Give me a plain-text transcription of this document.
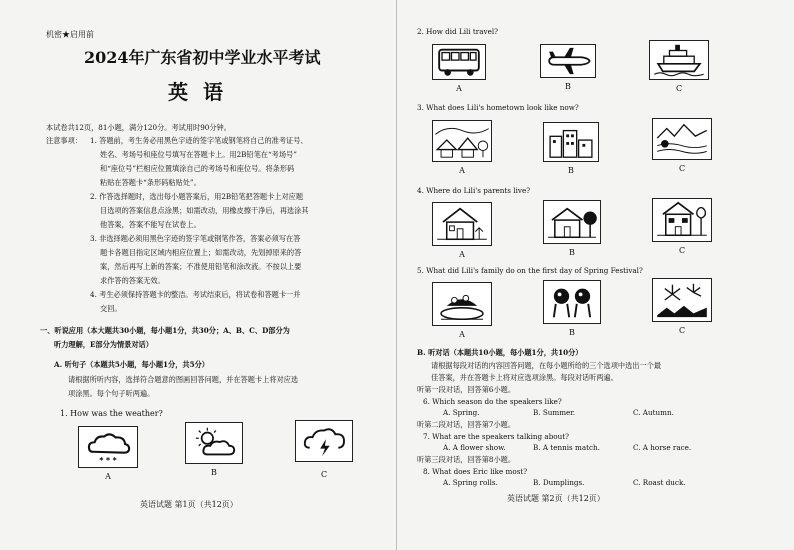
机密★启用前
2024年广东省初中学业水平考试
英 语
本试卷共12页，81小题，满分120分。考试用时90分钟。
注意事项： 1. 答题前，考生务必用黑色字迹的签字笔或钢笔将自己的准考证号、
姓名、考场号和座位号填写在答题卡上。用2B铅笔在“考场号”
和“座位号”栏相应位置填涂自己的考场号和座位号。将条形码
粘贴在答题卡“条形码粘贴处”。
2. 作答选择题时，选出每小题答案后，用2B铅笔把答题卡上对应题
目选项的答案信息点涂黑；如需改动，用橡皮擦干净后，再选涂其
他答案，答案不能写在试卷上。
3. 非选择题必须用黑色字迹的签字笔或钢笔作答，答案必须写在答
题卡各题目指定区域内相应位置上；如需改动，先划掉原来的答
案，然后再写上新的答案；不准使用铅笔和涂改液。不按以上要
求作答的答案无效。
4. 考生必须保持答题卡的整洁。考试结束后，将试卷和答题卡一并
交回。
一、听说应用（本大题共30小题，每小题1分，共30分；A、B、C、D部分为
听力理解，E部分为情景对话）
A. 听句子（本题共5小题，每小题1分，共5分）
请根据所听内容，选择符合题意的图画回答问题，并在答题卡上将对应选
项涂黑。每个句子听两遍。
1. How was the weather?
* * *
A	B	C
英语试题 第1页（共12页）
2. How did Lili travel?
A	B	C
3. What does Lili's hometown look like now?
A	B	C
4. Where do Lili's parents live?
A	B	C
5. What did Lili's family do on the first day of Spring Festival?
A	B	C
B. 听对话（本题共10小题，每小题1分，共10分）
请根据每段对话的内容回答问题，在每小题所给的三个选项中选出一个最
佳答案，并在答题卡上将对应选项涂黑。每段对话听两遍。
听第一段对话，回答第6小题。
6. Which season do the speakers like?
A. Spring.	B. Summer.	C. Autumn.
听第二段对话，回答第7小题。
7. What are the speakers talking about?
A. A flower show.	B. A tennis match.	C. A horse race.
听第三段对话，回答第8小题。
8. What does Eric like most?
A. Spring rolls.	B. Dumplings.	C. Roast duck.
英语试题 第2页（共12页）
